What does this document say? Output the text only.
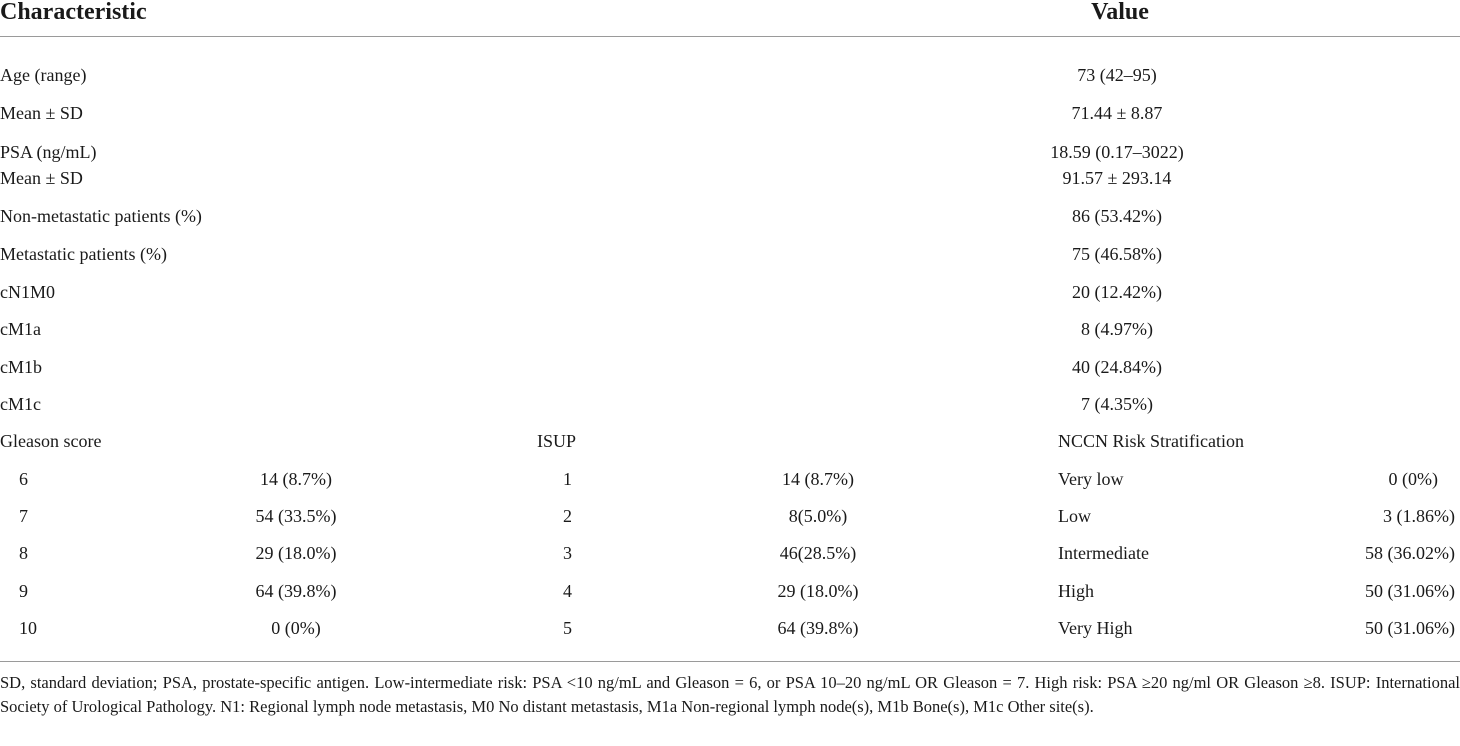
Characteristic	Value
Age (range)	73 (42–95)
Mean ± SD	71.44 ± 8.87
PSA (ng/mL)	18.59 (0.17–3022)
Mean ± SD	91.57 ± 293.14
Non-metastatic patients (%)	86 (53.42%)
Metastatic patients (%)	75 (46.58%)
cN1M0	20 (12.42%)
cM1a	8 (4.97%)
cM1b	40 (24.84%)
cM1c	7 (4.35%)
Gleason score	ISUP	NCCN Risk Stratification
6	14 (8.7%)	1	14 (8.7%)	Very low	0 (0%)
7	54 (33.5%)	2	8(5.0%)	Low	3 (1.86%)
8	29 (18.0%)	3	46(28.5%)	Intermediate	58 (36.02%)
9	64 (39.8%)	4	29 (18.0%)	High	50 (31.06%)
10	0 (0%)	5	64 (39.8%)	Very High	50 (31.06%)
SD, standard deviation; PSA, prostate-specific antigen. Low-intermediate risk: PSA <10 ng/mL and Gleason = 6, or PSA 10–20 ng/mL OR Gleason = 7. High risk: PSA ≥20 ng/ml OR Gleason ≥8. ISUP: International Society of Urological Pathology. N1: Regional lymph node metastasis, M0 No distant metastasis, M1a Non-regional lymph node(s), M1b Bone(s), M1c Other site(s).
